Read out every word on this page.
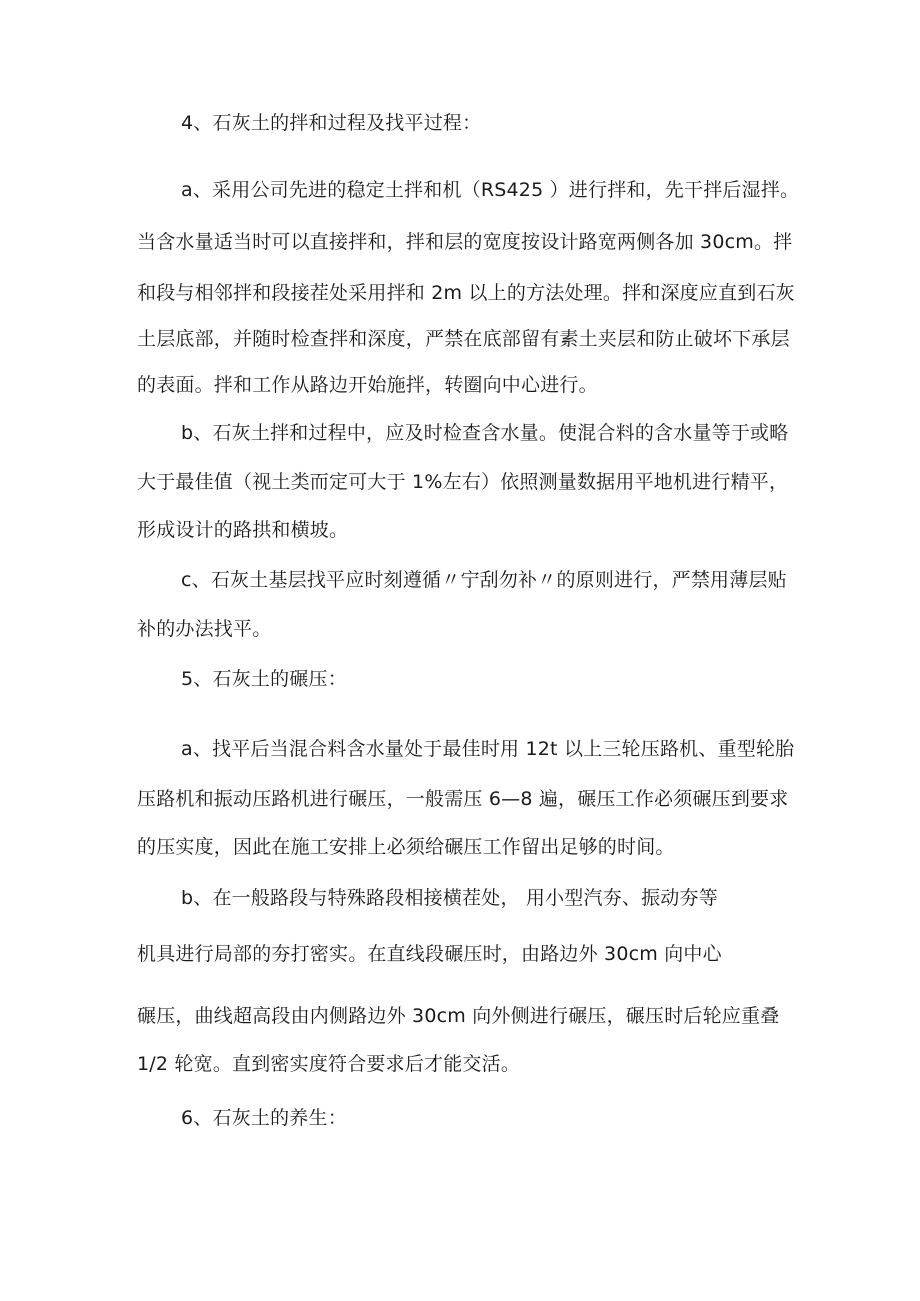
4、石灰土的拌和过程及找平过程：
a、采用公司先进的稳定土拌和机（RS425 ）进行拌和，先干拌后湿拌。
当含水量适当时可以直接拌和，拌和层的宽度按设计路宽两侧各加 30cm。拌
和段与相邻拌和段接茬处采用拌和 2m 以上的方法处理。拌和深度应直到石灰
土层底部，并随时检查拌和深度，严禁在底部留有素土夹层和防止破坏下承层
的表面。拌和工作从路边开始施拌，转圈向中心进行。
b、石灰土拌和过程中，应及时检查含水量。使混合料的含水量等于或略
大于最佳值（视土类而定可大于 1%左右）依照测量数据用平地机进行精平，
形成设计的路拱和横坡。
c、石灰土基层找平应时刻遵循〃宁刮勿补〃的原则进行，严禁用薄层贴
补的办法找平。
5、石灰土的碾压：
a、找平后当混合料含水量处于最佳时用 12t 以上三轮压路机、重型轮胎
压路机和振动压路机进行碾压，一般需压 6—8 遍，碾压工作必须碾压到要求
的压实度，因此在施工安排上必须给碾压工作留出足够的时间。
b、在一般路段与特殊路段相接横茬处， 用小型汽夯、振动夯等
机具进行局部的夯打密实。在直线段碾压时，由路边外 30cm 向中心
碾压，曲线超高段由内侧路边外 30cm 向外侧进行碾压，碾压时后轮应重叠
1/2 轮宽。直到密实度符合要求后才能交活。
6、石灰土的养生：
